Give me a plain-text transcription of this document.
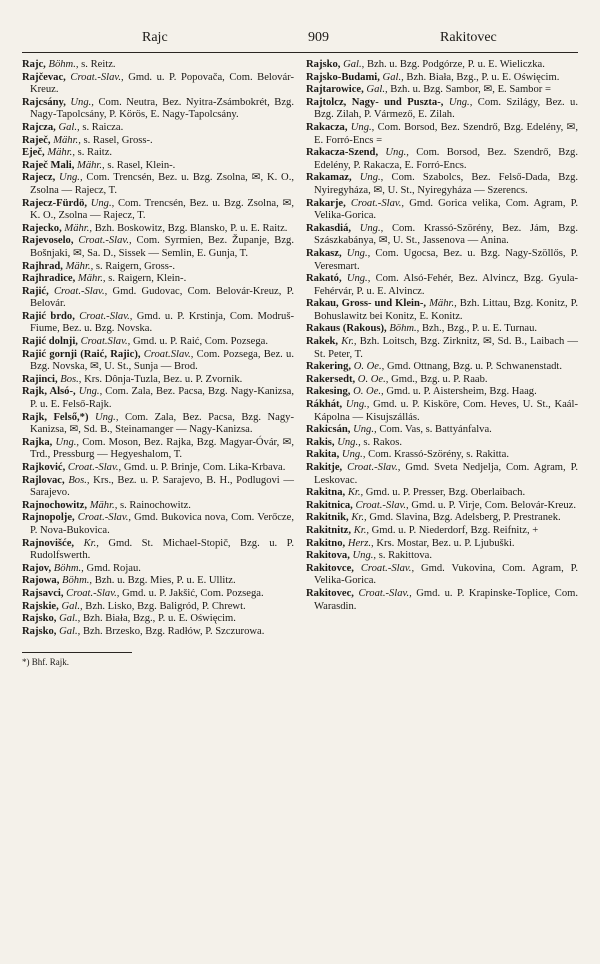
Rajc	909	Rakitovec

Rajc, Böhm., s. Reitz.

Rajčevac, Croat.-Slav., Gmd. u. P. Popovača, Com. Belovár-Kreuz.

Rajcsány, Ung., Com. Neutra, Bez. Nyitra-Zsámbokrét, Bzg. Nagy-Tapolcsány, P. Körös, E. Nagy-Tapolcsány.

Rajcza, Gal., s. Raicza.

Raječ, Mähr., s. Rasel, Gross-.

Eječ, Mähr., s. Raitz.

Raječ Mali, Mähr., s. Rasel, Klein-.

Rajecz, Ung., Com. Trencsén, Bez. u. Bzg. Zsolna, ✉, K. O., Zsolna — Rajecz, T.

Rajecz-Fürdö, Ung., Com. Trencsén, Bez. u. Bzg. Zsolna, ✉, K. O., Zsolna — Rajecz, T.

Rajecko, Mähr., Bzh. Boskowitz, Bzg. Blansko, P. u. E. Raitz.

Rajevoselo, Croat.-Slav., Com. Syrmien, Bez. Županje, Bzg. Bošnjaki, ✉, Sa. D., Sissek — Semlin, E. Gunja, T.

Rajhrad, Mähr., s. Raigern, Gross-.

Rajhradice, Mähr., s. Raigern, Klein-.

Rajić, Croat.-Slav., Gmd. Gudovac, Com. Belovár-Kreuz, P. Belovár.

Rajić brdo, Croat.-Slav., Gmd. u. P. Krstinja, Com. Modruš-Fiume, Bez. u. Bzg. Novska.

Rajić dolnji, Croat.Slav., Gmd. u. P. Raić, Com. Pozsega.

Rajić gornji (Raić, Rajic), Croat.Slav., Com. Pozsega, Bez. u. Bzg. Novska, ✉, U. St., Sunja — Brod.

Rajinci, Bos., Krs. Dônja-Tuzla, Bez. u. P. Zvornik.

Rajk, Alsó-, Ung., Com. Zala, Bez. Pacsa, Bzg. Nagy-Kanizsa, P. u. E. Felső-Rajk.

Rajk, Felső,*) Ung., Com. Zala, Bez. Pacsa, Bzg. Nagy-Kanizsa, ✉, Sd. B., Steinamanger — Nagy-Kanizsa.

Rajka, Ung., Com. Moson, Bez. Rajka, Bzg. Magyar-Óvár, ✉, Trd., Pressburg — Hegyeshalom, T.

Rajković, Croat.-Slav., Gmd. u. P. Brinje, Com. Lika-Krbava.

Rajlovac, Bos., Krs., Bez. u. P. Sarajevo, B. H., Podlugovi — Sarajevo.

Rajnochowitz, Mähr., s. Rainochowitz.

Rajnopolje, Croat.-Slav., Gmd. Bukovica nova, Com. Verőcze, P. Nova-Bukovica.

Rajnovišće, Kr., Gmd. St. Michael-Stopič, Bzg. u. P. Rudolfswerth.

Rajov, Böhm., Gmd. Rojau.

Rajowa, Böhm., Bzh. u. Bzg. Mies, P. u. E. Ullitz.

Rajsavci, Croat.-Slav., Gmd. u. P. Jakšić, Com. Pozsega.

Rajskie, Gal., Bzh. Lisko, Bzg. Baligród, P. Chrewt.

Rajsko, Gal., Bzh. Biała, Bzg., P. u. E. Oświęcim.

Rajsko, Gal., Bzh. Brzesko, Bzg. Radłów, P. Szczurowa.

Rajsko, Gal., Bzh. u. Bzg. Podgórze, P. u. E. Wieliczka.

Rajsko-Budami, Gal., Bzh. Biała, Bzg., P. u. E. Oświęcim.

Rajtarowice, Gal., Bzh. u. Bzg. Sambor, ✉, E. Sambor =

Rajtolcz, Nagy- und Puszta-, Ung., Com. Szilágy, Bez. u. Bzg. Zilah, P. Vármező, E. Zilah.

Rakacza, Ung., Com. Borsod, Bez. Szendrő, Bzg. Edelény, ✉, E. Forró-Encs =

Rakacza-Szend, Ung., Com. Borsod, Bez. Szendrő, Bzg. Edelény, P. Rakacza, E. Forró-Encs.

Rakamaz, Ung., Com. Szabolcs, Bez. Felső-Dada, Bzg. Nyiregyháza, ✉, U. St., Nyiregyháza — Szerencs.

Rakarje, Croat.-Slav., Gmd. Gorica velika, Com. Agram, P. Velika-Gorica.

Rakasdiá, Ung., Com. Krassó-Szörény, Bez. Jám, Bzg. Szászkabánya, ✉, U. St., Jassenova — Anina.

Rakasz, Ung., Com. Ugocsa, Bez. u. Bzg. Nagy-Szöllős, P. Veresmart.

Rakató, Ung., Com. Alsó-Fehér, Bez. Alvincz, Bzg. Gyula-Fehérvár, P. u. E. Alvincz.

Rakau, Gross- und Klein-, Mähr., Bzh. Littau, Bzg. Konitz, P. Bohuslawitz bei Konitz, E. Konitz.

Rakaus (Rakous), Böhm., Bzh., Bzg., P. u. E. Turnau.

Rakek, Kr., Bzh. Loitsch, Bzg. Zirknitz, ✉, Sd. B., Laibach — St. Peter, T.

Rakering, O. Oe., Gmd. Ottnang, Bzg. u. P. Schwanenstadt.

Rakersedt, O. Oe., Gmd., Bzg. u. P. Raab.

Rakesing, O. Oe., Gmd. u. P. Aistersheim, Bzg. Haag.

Rákhát, Ung., Gmd. u. P. Kisköre, Com. Heves, U. St., Kaál-Kápolna — Kisujszállás.

Rakicsán, Ung., Com. Vas, s. Battyánfalva.

Rakis, Ung., s. Rakos.

Rakita, Ung., Com. Krassó-Szörény, s. Rakitta.

Rakitje, Croat.-Slav., Gmd. Sveta Nedjelja, Com. Agram, P. Leskovac.

Rakitna, Kr., Gmd. u. P. Presser, Bzg. Oberlaibach.

Rakitnica, Croat.-Slav., Gmd. u. P. Virje, Com. Belovár-Kreuz.

Rakitnik, Kr., Gmd. Slavina, Bzg. Adelsberg, P. Prestranek.

Rakitnitz, Kr., Gmd. u. P. Niederdorf, Bzg. Reifnitz, +

Rakitno, Herz., Krs. Mostar, Bez. u. P. Ljubuški.

Rakitova, Ung., s. Rakittova.

Rakitovce, Croat.-Slav., Gmd. Vukovina, Com. Agram, P. Velika-Gorica.

Rakitovec, Croat.-Slav., Gmd. u. P. Krapinske-Toplice, Com. Warasdin.

*) Bhf. Rajk.
